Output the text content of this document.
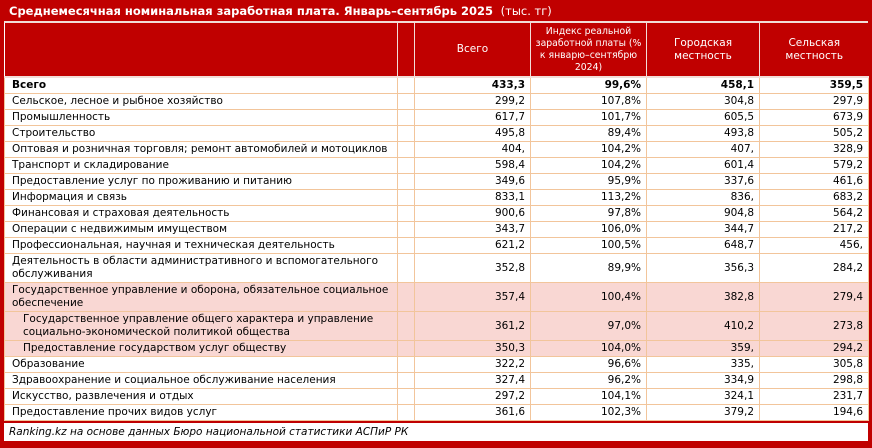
Среднемесячная номинальная заработная плата. Январь–сентябрь 2025 (тыс. тг)
		Всего	Индекс реальной заработной платы (% к январю–сентябрю 2024)	Городская местность	Сельская местность
Всего		433,3	99,6%	458,1	359,5
Сельское, лесное и рыбное хозяйство		299,2	107,8%	304,8	297,9
Промышленность		617,7	101,7%	605,5	673,9
Строительство		495,8	89,4%	493,8	505,2
Оптовая и розничная торговля; ремонт автомобилей и мотоциклов		404,	104,2%	407,	328,9
Транспорт и складирование		598,4	104,2%	601,4	579,2
Предоставление услуг по проживанию и питанию		349,6	95,9%	337,6	461,6
Информация и связь		833,1	113,2%	836,	683,2
Финансовая и страховая деятельность		900,6	97,8%	904,8	564,2
Операции с недвижимым имуществом		343,7	106,0%	344,7	217,2
Профессиональная, научная и техническая деятельность		621,2	100,5%	648,7	456,
Деятельность в области административного и вспомогательного обслуживания		352,8	89,9%	356,3	284,2
Государственное управление и оборона, обязательное социальное обеспечение		357,4	100,4%	382,8	279,4
Государственное управление общего характера и управление социально-экономической политикой общества		361,2	97,0%	410,2	273,8
Предоставление государством услуг обществу		350,3	104,0%	359,	294,2
Образование		322,2	96,6%	335,	305,8
Здравоохранение и социальное обслуживание населения		327,4	96,2%	334,9	298,8
Искусство, развлечения и отдых		297,2	104,1%	324,1	231,7
Предоставление прочих видов услуг		361,6	102,3%	379,2	194,6
Ranking.kz на основе данных Бюро национальной статистики АСПиР РК
